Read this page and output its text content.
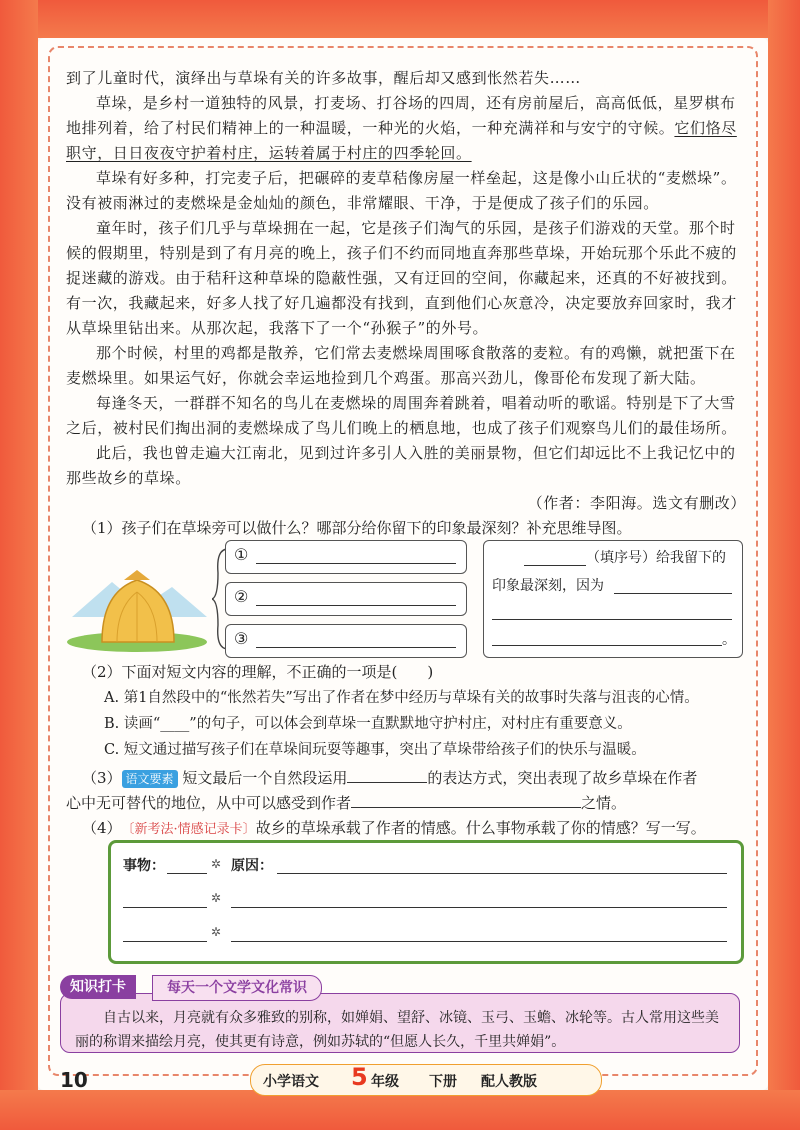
到了儿童时代，演绎出与草垛有关的许多故事，醒后却又感到怅然若失……

草垛，是乡村一道独特的风景，打麦场、打谷场的四周，还有房前屋后，高高低低，星罗棋布地排列着，给了村民们精神上的一种温暖，一种光的火焰，一种充满祥和与安宁的守候。它们恪尽职守，日日夜夜守护着村庄，运转着属于村庄的四季轮回。

草垛有好多种，打完麦子后，把碾碎的麦草秸像房屋一样垒起，这是像小山丘状的“麦燃垛”。没有被雨淋过的麦燃垛是金灿灿的颜色，非常耀眼、干净，于是便成了孩子们的乐园。

童年时，孩子们几乎与草垛拥在一起，它是孩子们淘气的乐园，是孩子们游戏的天堂。那个时候的假期里，特别是到了有月亮的晚上，孩子们不约而同地直奔那些草垛，开始玩那个乐此不疲的捉迷藏的游戏。由于秸秆这种草垛的隐蔽性强，又有迂回的空间，你藏起来，还真的不好被找到。有一次，我藏起来，好多人找了好几遍都没有找到，直到他们心灰意冷，决定要放弃回家时，我才从草垛里钻出来。从那次起，我落下了一个“孙猴子”的外号。

那个时候，村里的鸡都是散养，它们常去麦燃垛周围啄食散落的麦粒。有的鸡懒，就把蛋下在麦燃垛里。如果运气好，你就会幸运地捡到几个鸡蛋。那高兴劲儿，像哥伦布发现了新大陆。

每逢冬天，一群群不知名的鸟儿在麦燃垛的周围奔着跳着，唱着动听的歌谣。特别是下了大雪之后，被村民们掏出洞的麦燃垛成了鸟儿们晚上的栖息地，也成了孩子们观察鸟儿们的最佳场所。

此后，我也曾走遍大江南北，见到过许多引人入胜的美丽景物，但它们却远比不上我记忆中的那些故乡的草垛。

（作者：李阳海。选文有删改）

（1）孩子们在草垛旁可以做什么？哪部分给你留下的印象最深刻？补充思维导图。
①
②
③
（填序号）给我留下的
印象最深刻，因为
。
（2）下面对短文内容的理解，不正确的一项是(　　)
A. 第1自然段中的“怅然若失”写出了作者在梦中经历与草垛有关的故事时失落与沮丧的心情。
B. 读画“____”的句子，可以体会到草垛一直默默地守护村庄，对村庄有重要意义。
C. 短文通过描写孩子们在草垛间玩耍等趣事，突出了草垛带给孩子们的快乐与温暖。
（3） 语文要素 短文最后一个自然段运用	的表达方式，突出表现了故乡草垛在作者
心中无可替代的地位，从中可以感受到作者	之情。
（4）〔新考法·情感记录卡〕故乡的草垛承载了作者的情感。什么事物承载了你的情感？写一写。
事物：	✲ 原因：
✲
✲
自古以来，月亮就有众多雅致的别称，如婵娟、望舒、冰镜、玉弓、玉蟾、冰轮等。古人常用这些美丽的称谓来描绘月亮，使其更有诗意，例如苏轼的“但愿人长久，千里共婵娟”。
知识打卡	每天一个文学文化常识
10	小学语文 5 年级 下册 配人教版
